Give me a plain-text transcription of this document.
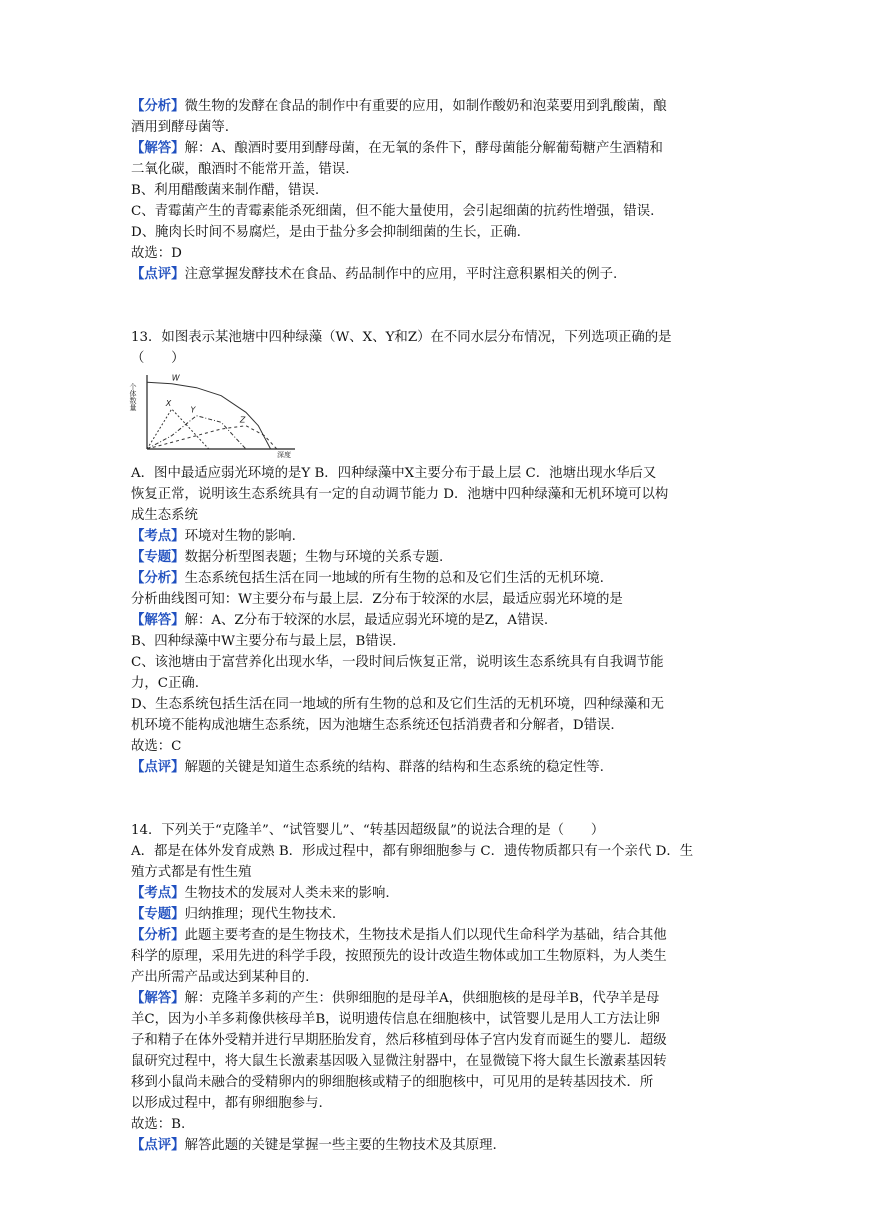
【分析】微生物的发酵在食品的制作中有重要的应用，如制作酸奶和泡菜要用到乳酸菌，酿
酒用到酵母菌等.
【解答】解：A、酿酒时要用到酵母菌，在无氧的条件下，酵母菌能分解葡萄糖产生酒精和
二氧化碳，酿酒时不能常开盖，错误.
B、利用醋酸菌来制作醋，错误.
C、青霉菌产生的青霉素能杀死细菌，但不能大量使用，会引起细菌的抗药性增强，错误.
D、腌肉长时间不易腐烂，是由于盐分多会抑制细菌的生长，正确.
故选：D
【点评】注意掌握发酵技术在食品、药品制作中的应用，平时注意积累相关的例子.
13．如图表示某池塘中四种绿藻（W、X、Y和Z）在不同水层分布情况，下列选项正确的是
（　　）
W
X
Y
Z
个体数量
深度
A．图中最适应弱光环境的是Y B．四种绿藻中X主要分布于最上层 C．池塘出现水华后又
恢复正常，说明该生态系统具有一定的自动调节能力 D．池塘中四种绿藻和无机环境可以构
成生态系统
【考点】环境对生物的影响.
【专题】数据分析型图表题；生物与环境的关系专题.
【分析】生态系统包括生活在同一地域的所有生物的总和及它们生活的无机环境.
分析曲线图可知：W主要分布与最上层．Z分布于较深的水层，最适应弱光环境的是
【解答】解：A、Z分布于较深的水层，最适应弱光环境的是Z，A错误.
B、四种绿藻中W主要分布与最上层，B错误.
C、该池塘由于富营养化出现水华，一段时间后恢复正常，说明该生态系统具有自我调节能
力，C正确.
D、生态系统包括生活在同一地域的所有生物的总和及它们生活的无机环境，四种绿藻和无
机环境不能构成池塘生态系统，因为池塘生态系统还包括消费者和分解者，D错误.
故选：C
【点评】解题的关键是知道生态系统的结构、群落的结构和生态系统的稳定性等.
14．下列关于“克隆羊”、“试管婴儿”、“转基因超级鼠”的说法合理的是（　　）
A．都是在体外发育成熟 B．形成过程中，都有卵细胞参与 C．遗传物质都只有一个亲代 D．生
殖方式都是有性生殖
【考点】生物技术的发展对人类未来的影响.
【专题】归纳推理；现代生物技术.
【分析】此题主要考查的是生物技术，生物技术是指人们以现代生命科学为基础，结合其他
科学的原理，采用先进的科学手段，按照预先的设计改造生物体或加工生物原料，为人类生
产出所需产品或达到某种目的.
【解答】解：克隆羊多莉的产生：供卵细胞的是母羊A，供细胞核的是母羊B，代孕羊是母
羊C，因为小羊多莉像供核母羊B，说明遗传信息在细胞核中，试管婴儿是用人工方法让卵
子和精子在体外受精并进行早期胚胎发育，然后移植到母体子宫内发育而诞生的婴儿．超级
鼠研究过程中，将大鼠生长激素基因吸入显微注射器中，在显微镜下将大鼠生长激素基因转
移到小鼠尚未融合的受精卵内的卵细胞核或精子的细胞核中，可见用的是转基因技术．所
以形成过程中，都有卵细胞参与.
故选：B.
【点评】解答此题的关键是掌握一些主要的生物技术及其原理.
